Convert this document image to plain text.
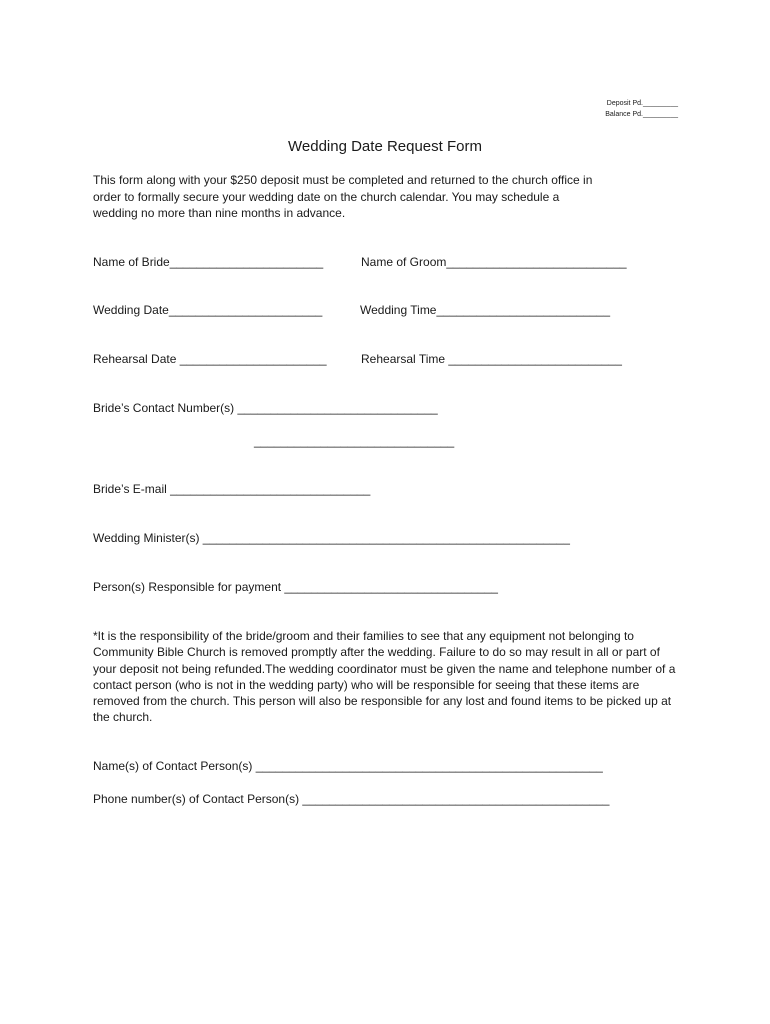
Deposit Pd._________
Balance Pd._________
Wedding Date Request Form
This form along with your $250 deposit must be completed and returned to the church office in
order to formally secure your wedding date on the church calendar. You may schedule a
wedding no more than nine months in advance.
Name of Bride_______________________	Name of Groom___________________________
Wedding Date_______________________	Wedding Time__________________________
Rehearsal Date ______________________	Rehearsal Time __________________________
Bride’s Contact Number(s) ______________________________
______________________________
Bride’s E-mail ______________________________
Wedding Minister(s) _______________________________________________________
Person(s) Responsible for payment ________________________________
*It is the responsibility of the bride/groom and their families to see that any equipment not belonging to Community Bible Church is removed promptly after the wedding. Failure to do so may result in all or part of your deposit not being refunded.The wedding coordinator must be given the name and telephone number of a contact person (who is not in the wedding party) who will be responsible for seeing that these items are removed from the church. This person will also be responsible for any lost and found items to be picked up at the church.
Name(s) of Contact Person(s) ____________________________________________________
Phone number(s) of Contact Person(s) ______________________________________________
